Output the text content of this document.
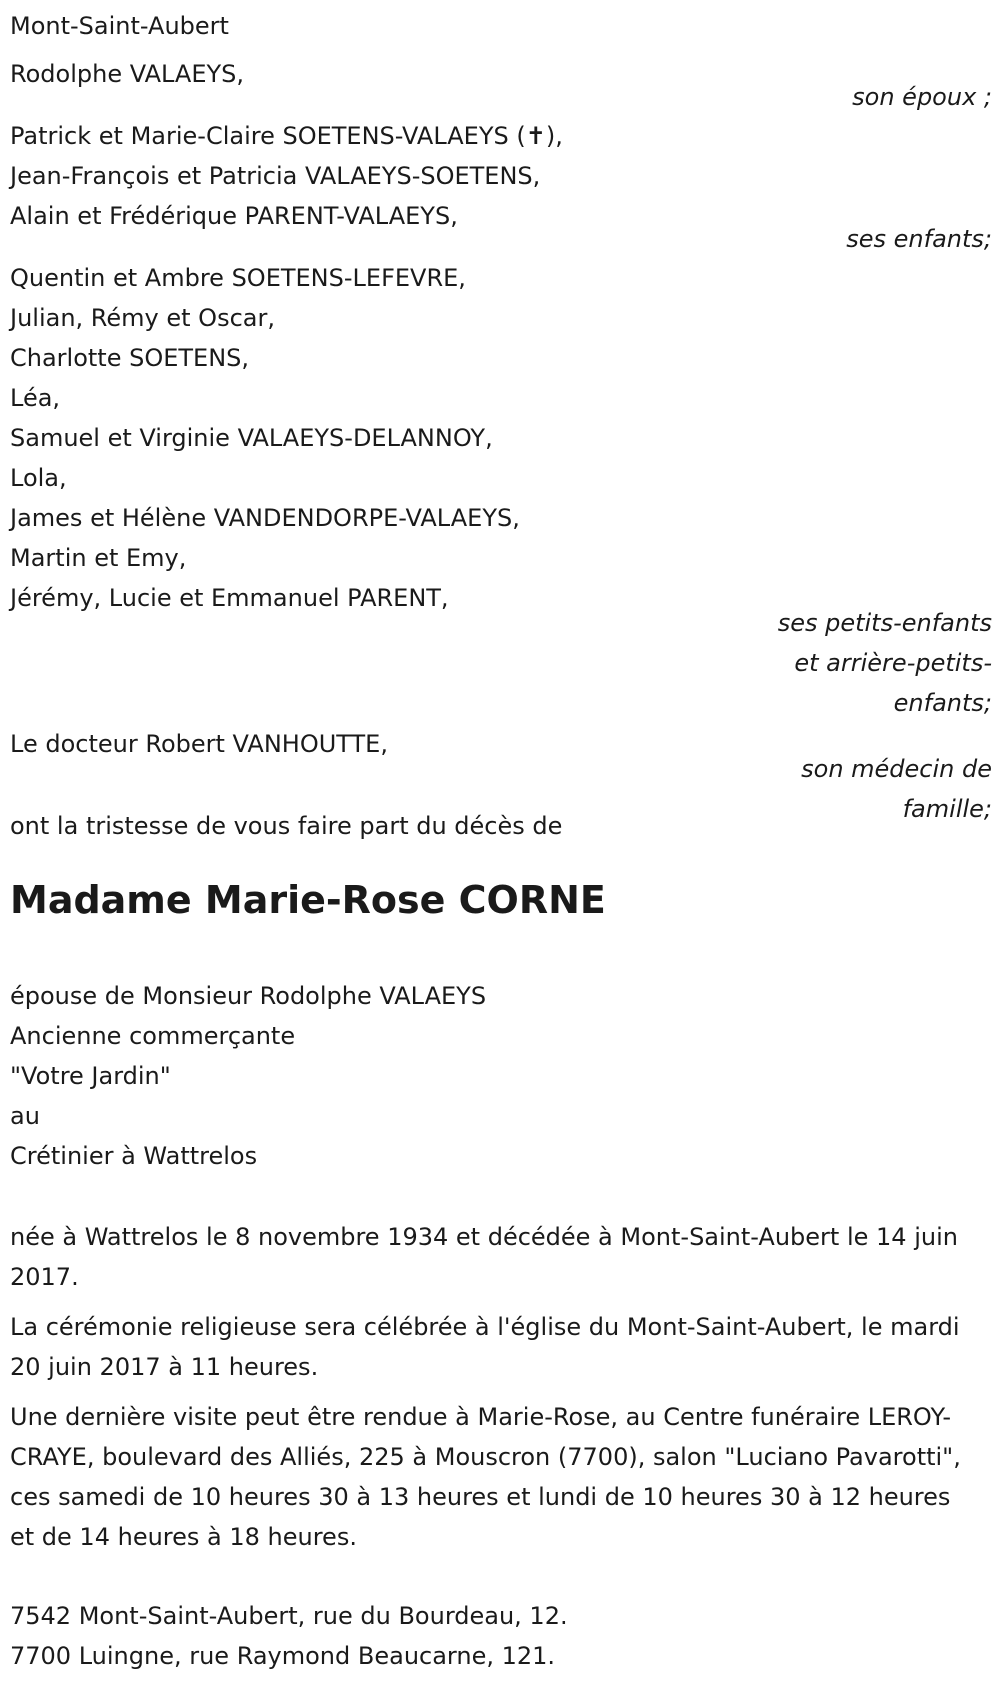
Mont-Saint-Aubert
Rodolphe VALAEYS,
son époux ;
Patrick et Marie-Claire SOETENS-VALAEYS (✝),
Jean-François et Patricia VALAEYS-SOETENS,
Alain et Frédérique PARENT-VALAEYS,
ses enfants;
Quentin et Ambre SOETENS-LEFEVRE,
Julian, Rémy et Oscar,
Charlotte SOETENS,
Léa,
Samuel et Virginie VALAEYS-DELANNOY,
Lola,
James et Hélène VANDENDORPE-VALAEYS,
Martin et Emy,
Jérémy, Lucie et Emmanuel PARENT,
ses petits-enfants
et arrière-petits-
enfants;
Le docteur Robert VANHOUTTE,
son médecin de
famille;
ont la tristesse de vous faire part du décès de
Madame Marie-Rose CORNE
épouse de Monsieur Rodolphe VALAEYS
Ancienne commerçante
"Votre Jardin"
au
Crétinier à Wattrelos
née à Wattrelos le 8 novembre 1934 et décédée à Mont-Saint-Aubert le 14 juin 2017.
La cérémonie religieuse sera célébrée à l'église du Mont-Saint-Aubert, le mardi 20 juin 2017 à 11 heures.
Une dernière visite peut être rendue à Marie-Rose, au Centre funéraire LEROY-CRAYE, boulevard des Alliés, 225 à Mouscron (7700), salon "Luciano Pavarotti", ces samedi de 10 heures 30 à 13 heures et lundi de 10 heures 30 à 12 heures et de 14 heures à 18 heures.
7542 Mont-Saint-Aubert, rue du Bourdeau, 12.
7700 Luingne, rue Raymond Beaucarne, 121.
